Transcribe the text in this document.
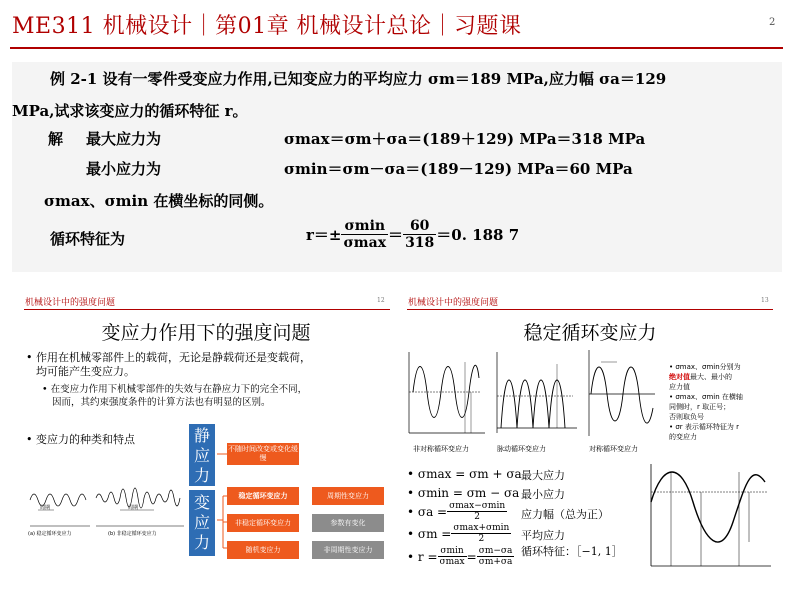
ME311 机械设计｜第01章 机械设计总论｜习题课	2
例 2-1 设有一零件受变应力作用,已知变应力的平均应力 σm＝189 MPa,应力幅 σa＝129
MPa,试求该变应力的循环特征 r。
解 最大应力为	σmax＝σm＋σa＝(189＋129) MPa＝318 MPa
最小应力为	σmin＝σm－σa＝(189－129) MPa＝60 MPa
σmax、σmin 在横坐标的同侧。
循环特征为	$r=\pm \frac{\sigma\min}{\sigma\max} = \frac{60}{318} =0$. 188 7
机械设计中的强度问题	12
变应力作用下的强度问题
• 作用在机械零部件上的载荷，无论是静载荷还是变载荷，
均可能产生变应力。
• 在变应力作用下机械零部件的失效与在静应力下的完全不同，
因而，其约束强度条件的计算方法也有明显的区别。
• 变应力的种类和特点	静应力
变应力
不随时间改变或变化缓慢
稳定循环变应力	周期性变应力
非稳定循环变应力	参数有变化
随机变应力	非周期性变应力
周期	周期
(a) 稳定循环变应力	(b) 非稳定循环变应力
机械设计中的强度问题	13
稳定循环变应力
非对称循环变应力	脉动循环变应力	对称循环变应力
• σmax、σmin分别为
绝对值最大、最小的
应力值
• σmax、σmin 在横轴
同侧时，r 取正号；
否则取负号
• σr 表示循环特征为 r
的变应力
• σmax = σm + σa 最大应力
• σmin = σm − σa 最小应力
• $\sigma a = \frac{\sigma\max-\sigma\min}{2}$ 应力幅（总为正）
• $\sigma m = \frac{\sigma\max+\sigma\min}{2}$ 平均应力
• $r = \frac{\sigma\min}{\sigma\max} = \frac{\sigma m-\sigma a}{\sigma m+\sigma a}$ 循环特征：［−1, 1］
